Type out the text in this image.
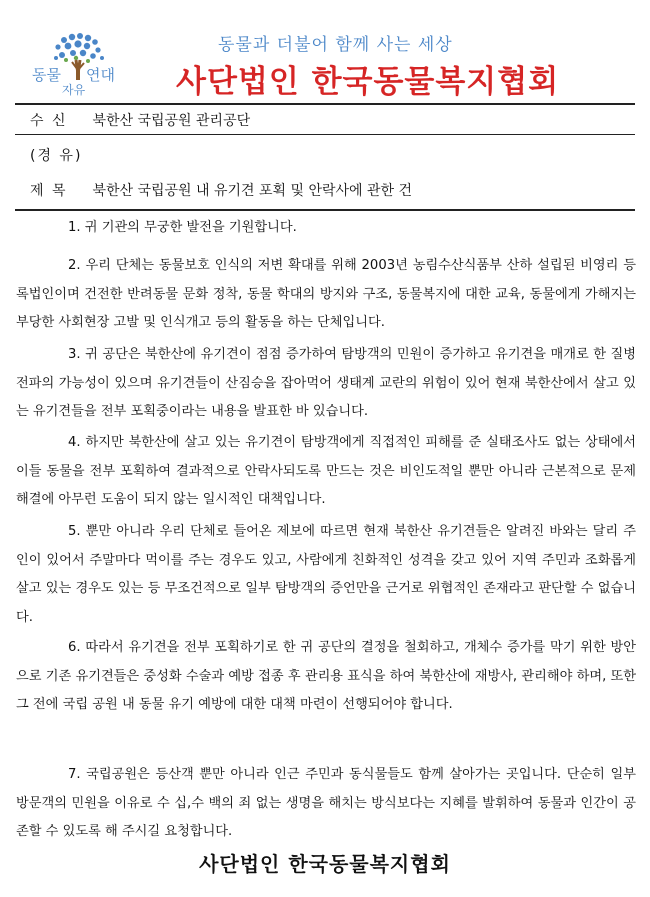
동물 연대
자유
동물과 더불어 함께 사는 세상
사단법인 한국동물복지협회
수 신 북한산 국립공원 관리공단
(경 유)
제 목 북한산 국립공원 내 유기견 포획 및 안락사에 관한 건

1. 귀 기관의 무궁한 발전을 기원합니다.

2. 우리 단체는 동물보호 인식의 저변 확대를 위해 2003년 농림수산식품부 산하 설립된 비영리 등록법인이며 건전한 반려동물 문화 정착, 동물 학대의 방지와 구조, 동물복지에 대한 교육, 동물에게 가해지는 부당한 사회현장 고발 및 인식개고 등의 활동을 하는 단체입니다.

3. 귀 공단은 북한산에 유기견이 점점 증가하여 탐방객의 민원이 증가하고 유기견을 매개로 한 질병 전파의 가능성이 있으며 유기견들이 산짐승을 잡아먹어 생태계 교란의 위험이 있어 현재 북한산에서 살고 있는 유기견들을 전부 포획중이라는 내용을 발표한 바 있습니다.

4. 하지만 북한산에 살고 있는 유기견이 탐방객에게 직접적인 피해를 준 실태조사도 없는 상태에서 이들 동물을 전부 포획하여 결과적으로 안락사되도록 만드는 것은 비인도적일 뿐만 아니라 근본적으로 문제 해결에 아무런 도움이 되지 않는 일시적인 대책입니다.

5. 뿐만 아니라 우리 단체로 들어온 제보에 따르면 현재 북한산 유기견들은 알려진 바와는 달리 주인이 있어서 주말마다 먹이를 주는 경우도 있고, 사람에게 친화적인 성격을 갖고 있어 지역 주민과 조화롭게 살고 있는 경우도 있는 등 무조건적으로 일부 탐방객의 증언만을 근거로 위협적인 존재라고 판단할 수 없습니다.

6. 따라서 유기견을 전부 포획하기로 한 귀 공단의 결정을 철회하고, 개체수 증가를 막기 위한 방안으로 기존 유기견들은 중성화 수술과 예방 접종 후 관리용 표식을 하여 북한산에 재방사, 관리해야 하며, 또한 그 전에 국립 공원 내 동물 유기 예방에 대한 대책 마련이 선행되어야 합니다.

7. 국립공원은 등산객 뿐만 아니라 인근 주민과 동식물들도 함께 살아가는 곳입니다. 단순히 일부 방문객의 민원을 이유로 수 십,수 백의 죄 없는 생명을 해치는 방식보다는 지혜를 발휘하여 동물과 인간이 공존할 수 있도록 해 주시길 요청합니다.

사단법인 한국동물복지협회
